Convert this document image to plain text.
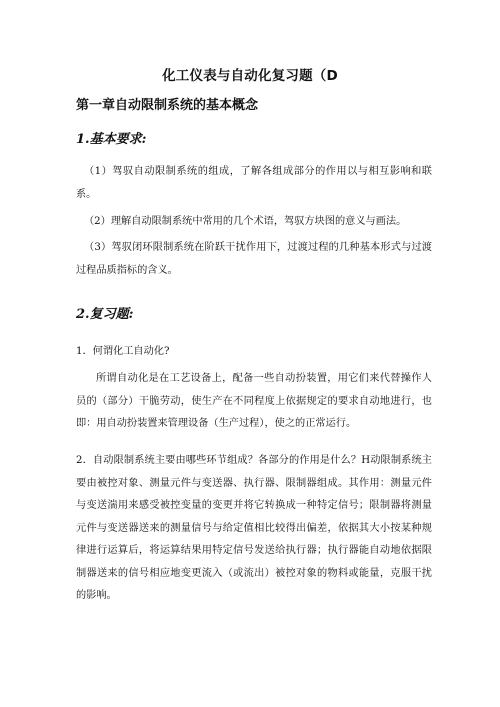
化工仪表与自动化复习题（D
第一章自动限制系统的基本概念
1.基本要求:
（1）驾驭自动限制系统的组成，了解各组成部分的作用以与相互影响和联系。
（2）理解自动限制系统中常用的几个术语，驾驭方块图的意义与画法。
（3）驾驭闭环限制系统在阶跃干扰作用下，过渡过程的几种基本形式与过渡过程品质指标的含义。
2.复习题:
1．何谓化工自动化?
所谓自动化是在工艺设备上，配备一些自动扮装置，用它们来代替操作人员的（部分）干脆劳动，使生产在不同程度上依据规定的要求自动地进行，也即：用自动扮装置来管理设备（生产过程），使之的正常运行。
2．自动限制系统主要由哪些环节组成？各部分的作用是什么？H动限制系统主要由被控对象、测量元件与变送器、执行器、限制器组成。其作用：测量元件与变送湍用来感受被控变量的变更并将它转换成一种特定信号；限制器将测量元件与变送器送来的测量信号与给定值相比较得出偏差，依据其大小按某种规律进行运算后，将运算结果用特定信号发送给执行器；执行器能自动地依据限制器送来的信号相应地变更流入（或流出）被控对象的物料或能量，克服干扰的影响。
